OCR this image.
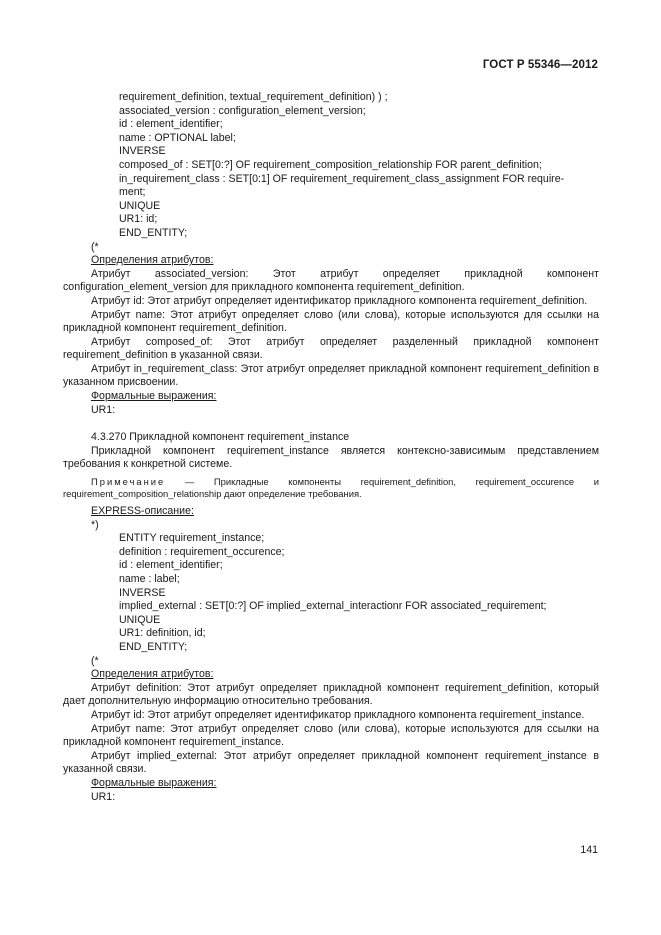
ГОСТ Р 55346—2012
requirement_definition, textual_requirement_definition) ) ;
associated_version : configuration_element_version;
id : element_identifier;
name : OPTIONAL label;
INVERSE
composed_of : SET[0:?] OF requirement_composition_relationship FOR parent_definition;
in_requirement_class : SET[0:1] OF requirement_requirement_class_assignment FOR require-
ment;
UNIQUE
UR1: id;
END_ENTITY;
(*
Определения атрибутов:
Атрибут associated_version: Этот атрибут определяет прикладной компонент configuration_element_version для прикладного компонента requirement_definition.
Атрибут id: Этот атрибут определяет идентификатор прикладного компонента requirement_definition.
Атрибут name: Этот атрибут определяет слово (или слова), которые используются для ссылки на прикладной компонент requirement_definition.
Атрибут composed_of: Этот атрибут определяет разделенный прикладной компонент requirement_definition в указанной связи.
Атрибут in_requirement_class: Этот атрибут определяет прикладной компонент requirement_definition в указанном присвоении.
Формальные выражения:
UR1:
4.3.270 Прикладной компонент requirement_instance
Прикладной компонент requirement_instance является контекснo-зависимым представлением требования к конкретной системе.
Примечание — Прикладные компоненты requirement_definition, requirement_occurence и requirement_composition_relationship дают определение требования.
EXPRESS-описание:
*)
ENTITY requirement_instance;
definition : requirement_occurence;
id : element_identifier;
name : label;
INVERSE
implied_external : SET[0:?] OF implied_external_interactionr FOR associated_requirement;
UNIQUE
UR1: definition, id;
END_ENTITY;
(*
Определения атрибутов:
Атрибут definition: Этот атрибут определяет прикладной компонент requirement_definition, который дает дополнительную информацию относительно требования.
Атрибут id: Этот атрибут определяет идентификатор прикладного компонента requirement_instance.
Атрибут name: Этот атрибут определяет слово (или слова), которые используются для ссылки на прикладной компонент requirement_instance.
Атрибут implied_external: Этот атрибут определяет прикладной компонент requirement_instance в указанной связи.
Формальные выражения:
UR1:
141
